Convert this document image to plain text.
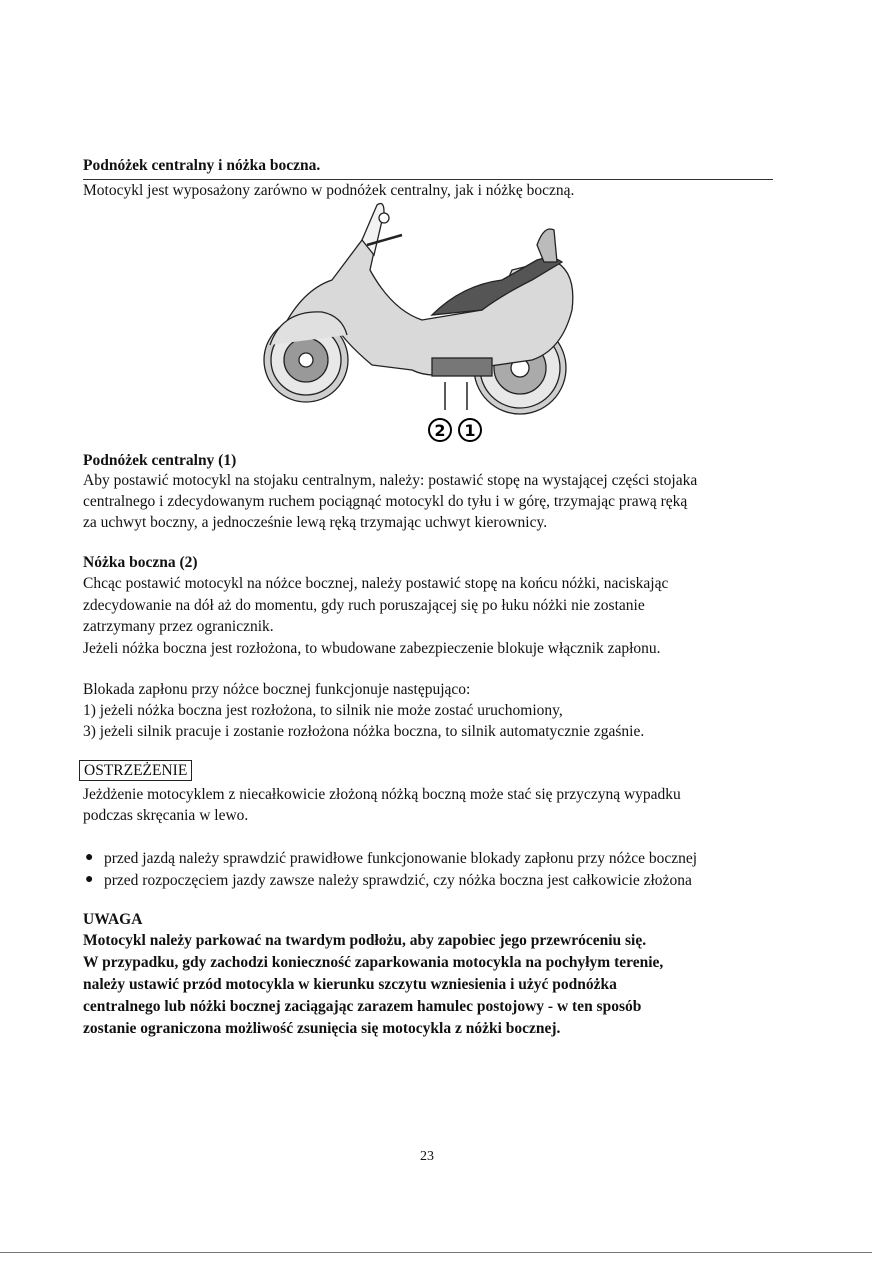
Podnóżek centralny i nóżka boczna.
Motocykl jest wyposażony zarówno w podnóżek centralny, jak i nóżkę boczną.
2 1
Podnóżek centralny (1)
Aby postawić motocykl na stojaku centralnym, należy: postawić stopę na wystającej części stojaka
centralnego i zdecydowanym ruchem pociągnąć motocykl do tyłu i w górę, trzymając prawą ręką
za uchwyt boczny, a jednocześnie lewą ręką trzymając uchwyt kierownicy.
Nóżka boczna (2)
Chcąc postawić motocykl na nóżce bocznej, należy postawić stopę na końcu nóżki, naciskając
zdecydowanie na dół aż do momentu, gdy ruch poruszającej się po łuku nóżki nie zostanie
zatrzymany przez ogranicznik.
Jeżeli nóżka boczna jest rozłożona, to wbudowane zabezpieczenie blokuje włącznik zapłonu.
Blokada zapłonu przy nóżce bocznej funkcjonuje następująco:
1) jeżeli nóżka boczna jest rozłożona, to silnik nie może zostać uruchomiony,
3) jeżeli silnik pracuje i zostanie rozłożona nóżka boczna, to silnik automatycznie zgaśnie.
OSTRZEŻENIE
Jeżdżenie motocyklem z niecałkowicie złożoną nóżką boczną może stać się przyczyną wypadku
podczas skręcania w lewo.
● przed jazdą należy sprawdzić prawidłowe funkcjonowanie blokady zapłonu przy nóżce bocznej
● przed rozpoczęciem jazdy zawsze należy sprawdzić, czy nóżka boczna jest całkowicie złożona
UWAGA
Motocykl należy parkować na twardym podłożu, aby zapobiec jego przewróceniu się.
W przypadku, gdy zachodzi konieczność zaparkowania motocykla na pochyłym terenie,
należy ustawić przód motocykla w kierunku szczytu wzniesienia i użyć podnóżka
centralnego lub nóżki bocznej zaciągając zarazem hamulec postojowy - w ten sposób
zostanie ograniczona możliwość zsunięcia się motocykla z nóżki bocznej.
23
